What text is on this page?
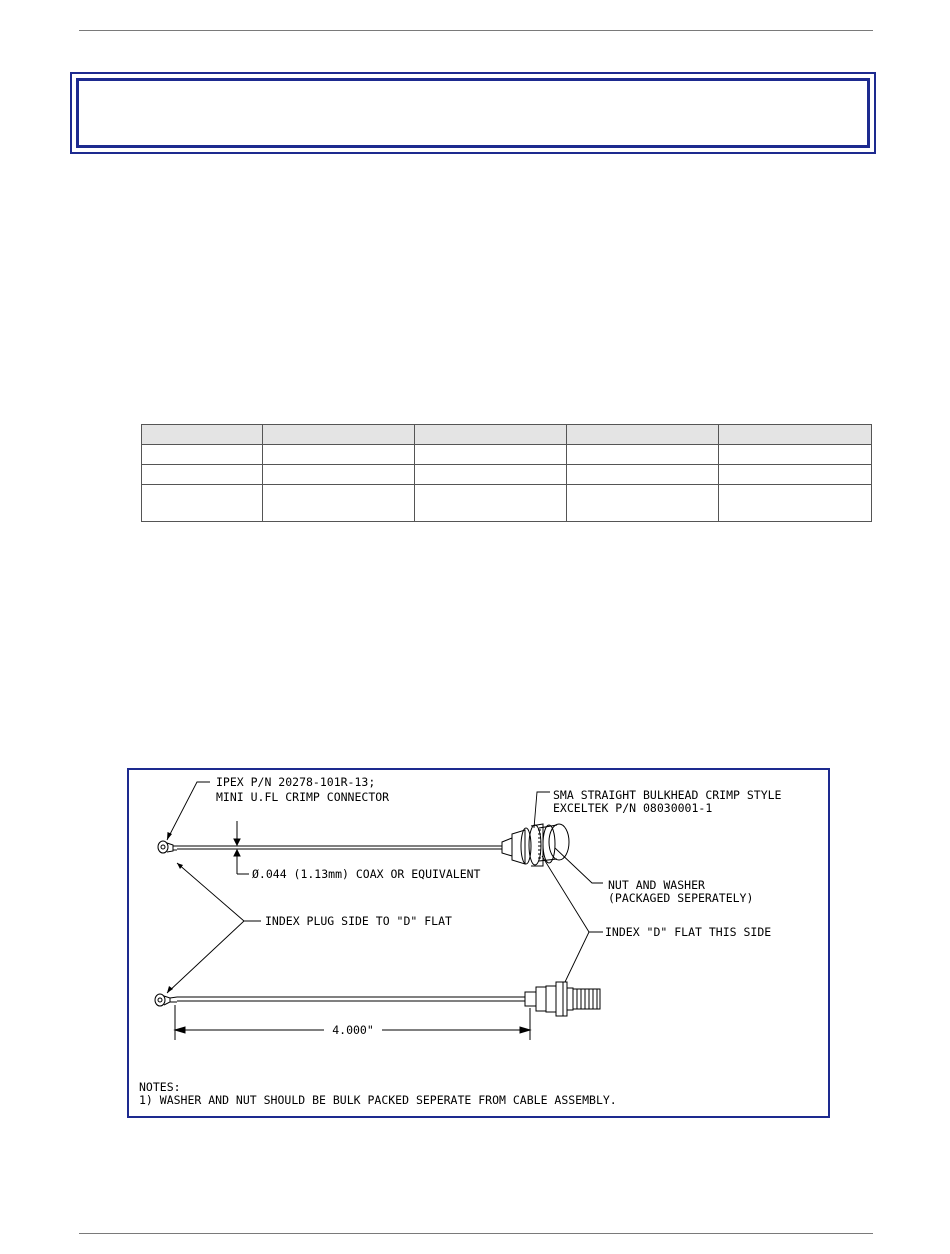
IPEX P/N 20278-101R-13;
MINI U.FL CRIMP CONNECTOR	SMA STRAIGHT BULKHEAD CRIMP STYLE
EXCELTEK P/N 08030001-1
Ø.044 (1.13mm) COAX OR EQUIVALENT
NUT AND WASHER
(PACKAGED SEPERATELY)
INDEX PLUG SIDE TO "D" FLAT
INDEX "D" FLAT THIS SIDE
4.000"
NOTES:
1) WASHER AND NUT SHOULD BE BULK PACKED SEPERATE FROM CABLE ASSEMBLY.
